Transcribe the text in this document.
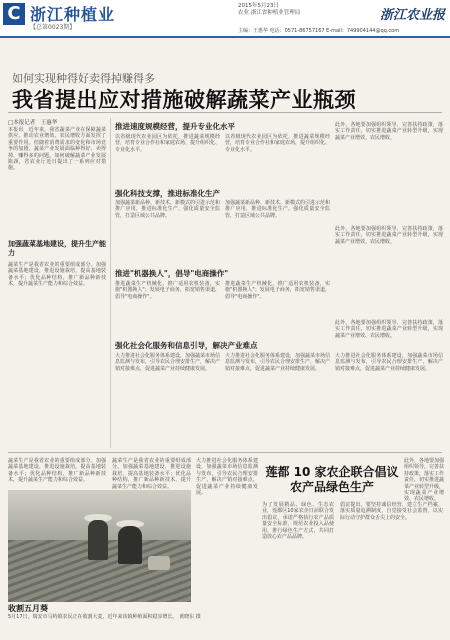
C 浙江种植业
【总第0023期】
2015年5月23日
农业 浙江省种植业管理局	浙江农业报
主编：王惠华 电话：0571-86757167 E-mail：749904144@qq.com
如何实现种得好卖得掉赚得多
我省提出应对措施破解蔬菜产业瓶颈
□本报记者　王惠华
本报讯　近年来，我省蔬菜产业在保障蔬菜供应、推动农业增效、农民增收方面发挥了重要作用。但随着消费需求的变化和市场竞争的加剧，蔬菜产业发展面临种得好、卖得掉、赚得多的问题。如何破解蔬菜产业发展瓶颈，省农业厅近日提出了一系列应对措施。
加强蔬菜基地建设，提升生产能力
蔬菜生产是我省农业的重要组成部分。加强蔬菜基地建设，推进设施栽培，提高基地装备水平；优化品种结构，推广新品种新技术，提升蔬菜生产能力和综合效益。
推进速度规模经营，提升专业化水平
以省级现代农业园区为依托，推进蔬菜规模经营，培育专业合作社和家庭农场，提升组织化、专业化水平。
以省级现代农业园区为依托，推进蔬菜规模经营，培育专业合作社和家庭农场，提升组织化、专业化水平。
此外，各地要加强组织领导，完善扶持政策，落实工作责任，切实推进蔬菜产业转型升级，实现蔬菜产业增效、农民增收。
强化科技支撑，推进标准化生产
加强蔬菜新品种、新技术、新模式的引进示范和推广应用，推进标准化生产，强化质量安全监管，打造区域公共品牌。
加强蔬菜新品种、新技术、新模式的引进示范和推广应用，推进标准化生产，强化质量安全监管，打造区域公共品牌。
此外，各地要加强组织领导，完善扶持政策，落实工作责任，切实推进蔬菜产业转型升级，实现蔬菜产业增效、农民增收。
推进"机器换人"，倡导"电商操作"
推进蔬菜生产机械化，推广适用农机装备，实施"机器换人"；发展电子商务，拓宽销售渠道，倡导"电商操作"。
推进蔬菜生产机械化，推广适用农机装备，实施"机器换人"；发展电子商务，拓宽销售渠道，倡导"电商操作"。
此外，各地要加强组织领导，完善扶持政策，落实工作责任，切实推进蔬菜产业转型升级，实现蔬菜产业增效、农民增收。
强化社会化服务和信息引导，解决产业难点
大力推进社会化服务体系建设，加强蔬菜市场信息监测与发布，引导农民合理安排生产，解决产销对接难点，促进蔬菜产业持续健康发展。
大力推进社会化服务体系建设，加强蔬菜市场信息监测与发布，引导农民合理安排生产，解决产销对接难点，促进蔬菜产业持续健康发展。
大力推进社会化服务体系建设，加强蔬菜市场信息监测与发布，引导农民合理安排生产，解决产销对接难点，促进蔬菜产业持续健康发展。
蔬菜生产是我省农业的重要组成部分。加强蔬菜基地建设，推进设施栽培，提高基地装备水平；优化品种结构，推广新品种新技术，提升蔬菜生产能力和综合效益。
蔬菜生产是我省农业的重要组成部分。加强蔬菜基地建设，推进设施栽培，提高基地装备水平；优化品种结构，推广新品种新技术，提升蔬菜生产能力和综合效益。
收割五月葵
5月17日，瑞安市马屿镇农民正在收割大麦，近年来该镇种植面积稳步增长。 黄晓东 摄
大力推进社会化服务体系建设，加强蔬菜市场信息监测与发布，引导农民合理安排生产，解决产销对接难点，促进蔬菜产业持续健康发展。
莲都 10 家农企联合倡议
农产品绿色生产
为了发展精品、绿色、生态农业，莲都区10家农企日前联合发出倡议，承诺严格执行农产品质量安全标准，规范农业投入品使用，推行绿色生产方式，共同打造放心农产品品牌。
倡议提出，要坚持诚信经营，建立生产档案，落实质量追溯制度，自觉接受社会监督，以实际行动守护群众舌尖上的安全。
此外，各地要加强组织领导，完善扶持政策，落实工作责任，切实推进蔬菜产业转型升级，实现蔬菜产业增效、农民增收。
